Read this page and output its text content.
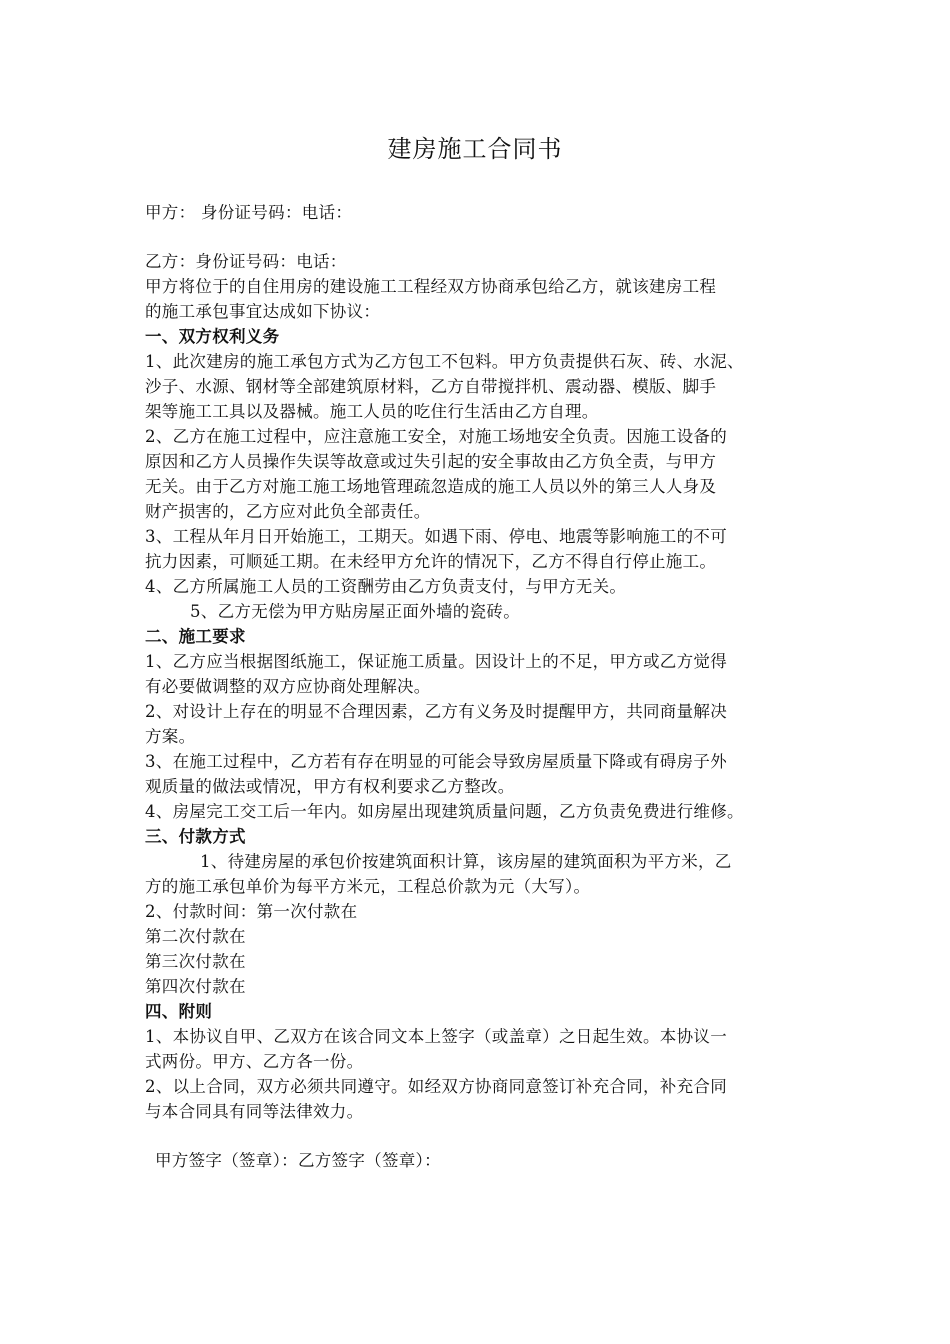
建房施工合同书
甲方： 身份证号码：电话：
乙方：身份证号码：电话：
甲方将位于的自住用房的建设施工工程经双方协商承包给乙方，就该建房工程
的施工承包事宜达成如下协议：
一、双方权利义务
1、此次建房的施工承包方式为乙方包工不包料。甲方负责提供石灰、砖、水泥、
沙子、水源、钢材等全部建筑原材料，乙方自带搅拌机、震动器、模版、脚手
架等施工工具以及器械。施工人员的吃住行生活由乙方自理。
2、乙方在施工过程中，应注意施工安全，对施工场地安全负责。因施工设备的
原因和乙方人员操作失误等故意或过失引起的安全事故由乙方负全责，与甲方
无关。由于乙方对施工施工场地管理疏忽造成的施工人员以外的第三人人身及
财产损害的，乙方应对此负全部责任。
3、工程从年月日开始施工，工期天。如遇下雨、停电、地震等影响施工的不可
抗力因素，可顺延工期。在未经甲方允许的情况下，乙方不得自行停止施工。
4、乙方所属施工人员的工资酬劳由乙方负责支付，与甲方无关。
5、乙方无偿为甲方贴房屋正面外墙的瓷砖。
二、施工要求
1、乙方应当根据图纸施工，保证施工质量。因设计上的不足，甲方或乙方觉得
有必要做调整的双方应协商处理解决。
2、对设计上存在的明显不合理因素，乙方有义务及时提醒甲方，共同商量解决
方案。
3、在施工过程中，乙方若有存在明显的可能会导致房屋质量下降或有碍房子外
观质量的做法或情况，甲方有权利要求乙方整改。
4、房屋完工交工后一年内。如房屋出现建筑质量问题，乙方负责免费进行维修。
三、付款方式
1、待建房屋的承包价按建筑面积计算，该房屋的建筑面积为平方米，乙
方的施工承包单价为每平方米元，工程总价款为元（大写）。
2、付款时间：第一次付款在
第二次付款在
第三次付款在
第四次付款在
四、附则
1、本协议自甲、乙双方在该合同文本上签字（或盖章）之日起生效。本协议一
式两份。甲方、乙方各一份。
2、以上合同，双方必须共同遵守。如经双方协商同意签订补充合同，补充合同
与本合同具有同等法律效力。
甲方签字（签章）：乙方签字（签章）：
